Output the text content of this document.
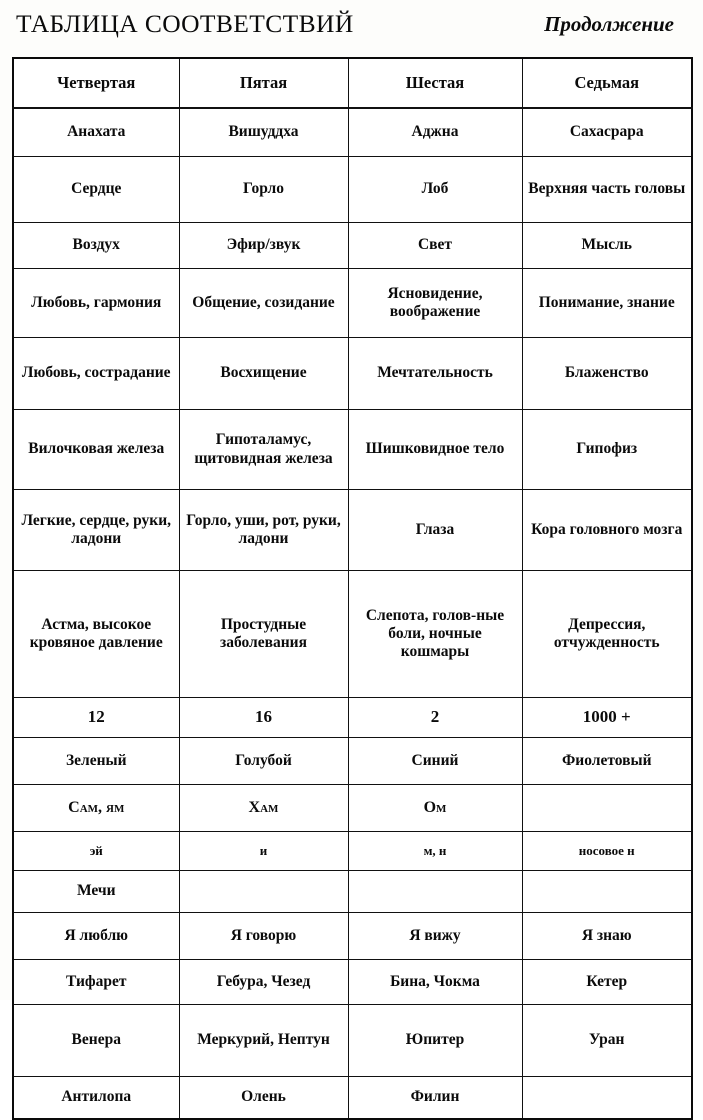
ТАБЛИЦА СООТВЕТСТВИЙ	Продолжение
Четвертая	Пятая	Шестая	Седьмая
Анахата	Вишуддха	Аджна	Сахасрара
Сердце	Горло	Лоб	Верхняя часть головы
Воздух	Эфир/звук	Свет	Мысль
Любовь, гармония	Общение, созидание	Ясновидение, воображение	Понимание, знание
Любовь, сострадание	Восхищение	Мечтательность	Блаженство
Вилочковая железа	Гипоталамус, щитовидная железа	Шишковидное тело	Гипофиз
Легкие, сердце, руки, ладони	Горло, уши, рот, руки, ладони	Глаза	Кора головного мозга
Астма, высокое кровяное давление	Простудные заболевания	Слепота, голов-ные боли, ночные кошмары	Депрессия, отчужденность
12	16	2	1000 +
Зеленый	Голубой	Синий	Фиолетовый
Сам, ям	Хам	Ом	
эй	и	м, н	носовое н
Мечи			
Я люблю	Я говорю	Я вижу	Я знаю
Тифарет	Гебура, Чезед	Бина, Чокма	Кетер
Венера	Меркурий, Нептун	Юпитер	Уран
Антилопа	Олень	Филин	
